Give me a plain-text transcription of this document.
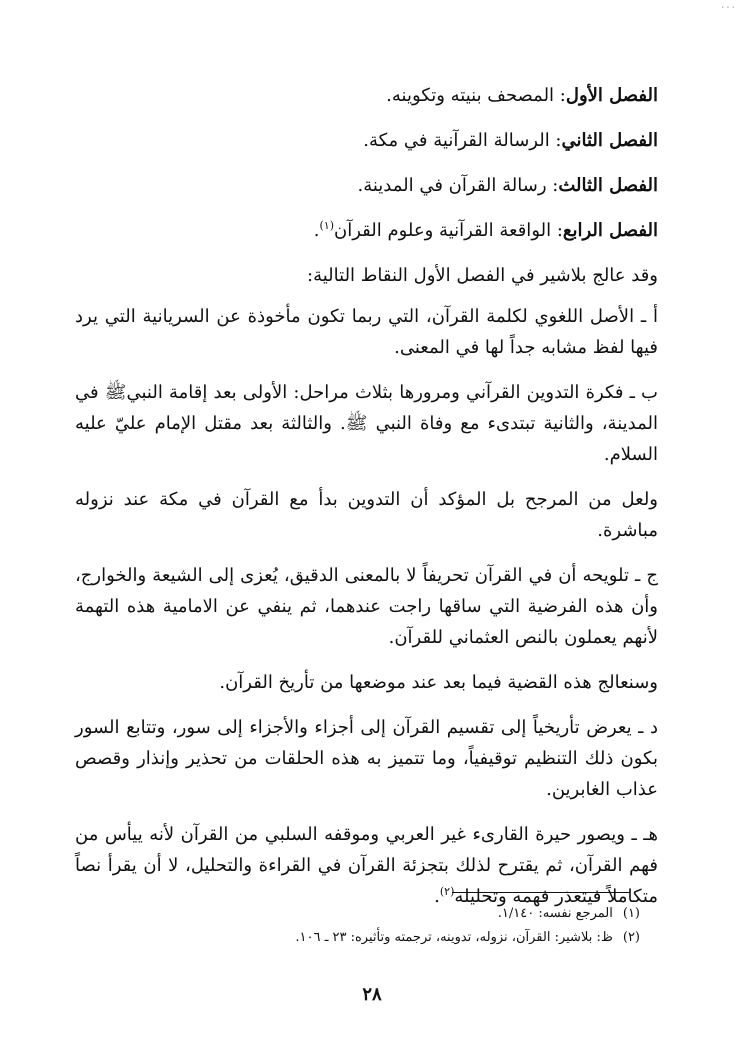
٠٠٠
الفصل الأول: المصحف بنيته وتكوينه.
الفصل الثاني: الرسالة القرآنية في مكة.
الفصل الثالث: رسالة القرآن في المدينة.
الفصل الرابع: الواقعة القرآنية وعلوم القرآن$^{(١)}$.

وقد عالج بلاشير في الفصل الأول النقاط التالية:

أ ـ الأصل اللغوي لكلمة القرآن، التي ربما تكون مأخوذة عن السريانية التي يرد فيها لفظ مشابه جداً لها في المعنى.

ب ـ فكرة التدوين القرآني ومرورها بثلاث مراحل: الأولى بعد إقامة النبيﷺ في المدينة، والثانية تبتدىء مع وفاة النبي ﷺ. والثالثة بعد مقتل الإمام عليّ عليه السلام.

ولعل من المرجح بل المؤكد أن التدوين بدأ مع القرآن في مكة عند نزوله مباشرة.

ج ـ تلويحه أن في القرآن تحريفاً لا بالمعنى الدقيق، يُعزى إلى الشيعة والخوارج، وأن هذه الفرضية التي ساقها راجت عندهما، ثم ينفي عن الامامية هذه التهمة لأنهم يعملون بالنص العثماني للقرآن.

وسنعالج هذه القضية فيما بعد عند موضعها من تأريخ القرآن.

د ـ يعرض تأريخياً إلى تقسيم القرآن إلى أجزاء والأجزاء إلى سور، وتتابع السور بكون ذلك التنظيم توقيفياً، وما تتميز به هذه الحلقات من تحذير وإنذار وقصص عذاب الغابرين.

هـ ـ ويصور حيرة القارىء غير العربي وموقفه السلبي من القرآن لأنه ييأس من فهم القرآن، ثم يقترح لذلك بتجزئة القرآن في القراءة والتحليل، لا أن يقرأ نصاً متكاملاً فيتعذر فهمه وتحليله$^{(٢)}$.

(١)المرجع نفسه: ١/١٤٠.
(٢)ظ: بلاشير: القرآن، نزوله، تدوينه، ترجمته وتأثيره: ٢٣ ـ ١٠٦.
٢٨
